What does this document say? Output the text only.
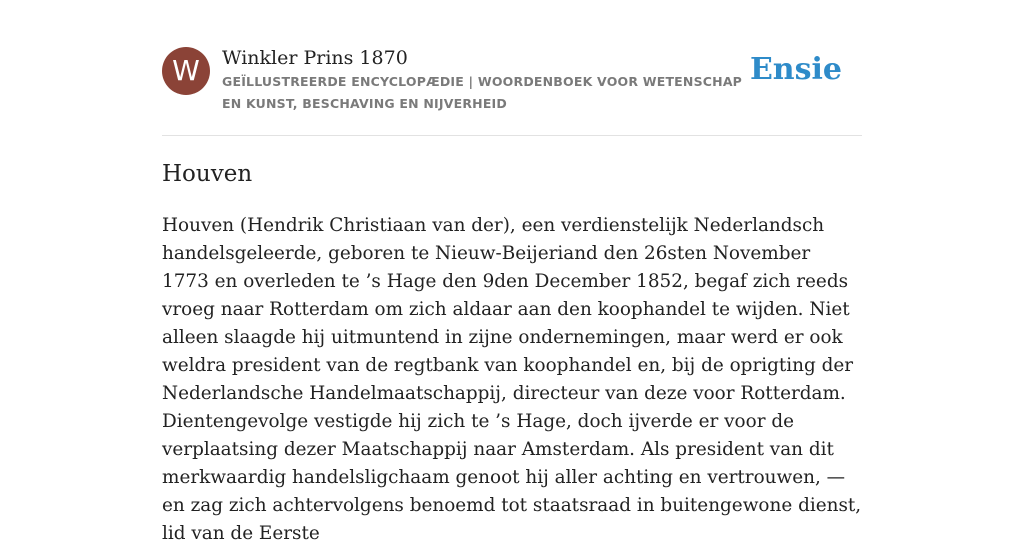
W	Winkler Prins 1870
GEÏLLUSTREERDE ENCYCLOPÆDIE | WOORDENBOEK VOOR WETENSCHAP EN KUNST, BESCHAVING EN NIJVERHEID
Ensie
Houven

Houven (Hendrik Christiaan van der), een verdienstelijk Nederlandsch handelsgeleerde, geboren te Nieuw-Beijeriand den 26sten November 1773 en overleden te ’s Hage den 9den December 1852, begaf zich reeds vroeg naar Rotterdam om zich aldaar aan den koophandel te wijden. Niet alleen slaagde hij uitmuntend in zijne ondernemingen, maar werd er ook weldra president van de regtbank van koophandel en, bij de oprigting der Nederlandsche Handelmaatschappij, directeur van deze voor Rotterdam. Dientengevolge vestigde hij zich te ’s Hage, doch ijverde er voor de verplaatsing dezer Maatschappij naar Amsterdam. Als president van dit merkwaardig handelsligchaam genoot hij aller achting en vertrouwen, — en zag zich achtervolgens benoemd tot staatsraad in buitengewone dienst, lid van de Eerste
